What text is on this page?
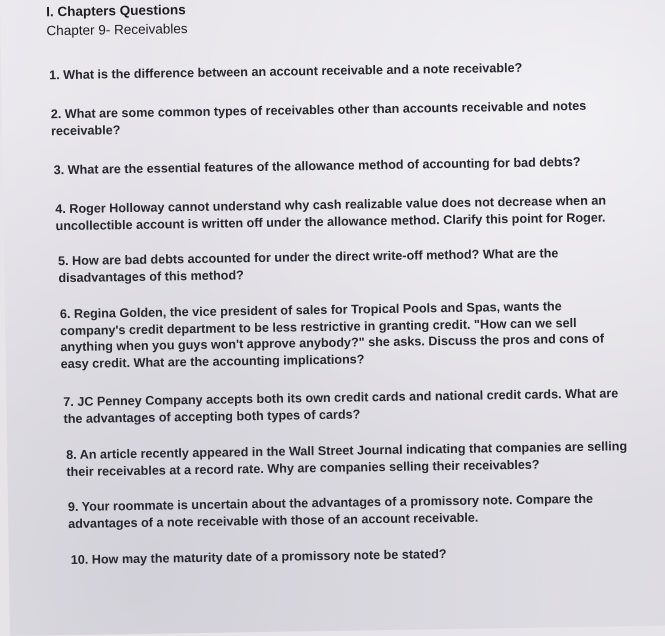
I. Chapters Questions

Chapter 9- Receivables

1. What is the difference between an account receivable and a note receivable?
2. What are some common types of receivables other than accounts receivable and notes receivable?
3. What are the essential features of the allowance method of accounting for bad debts?
4. Roger Holloway cannot understand why cash realizable value does not decrease when an uncollectible account is written off under the allowance method. Clarify this point for Roger.
5. How are bad debts accounted for under the direct write-off method? What are the disadvantages of this method?
6. Regina Golden, the vice president of sales for Tropical Pools and Spas, wants the company's credit department to be less restrictive in granting credit. "How can we sell anything when you guys won't approve anybody?" she asks. Discuss the pros and cons of easy credit. What are the accounting implications?
7. JC Penney Company accepts both its own credit cards and national credit cards. What are the advantages of accepting both types of cards?
8. An article recently appeared in the Wall Street Journal indicating that companies are selling their receivables at a record rate. Why are companies selling their receivables?
9. Your roommate is uncertain about the advantages of a promissory note. Compare the advantages of a note receivable with those of an account receivable.
10. How may the maturity date of a promissory note be stated?
